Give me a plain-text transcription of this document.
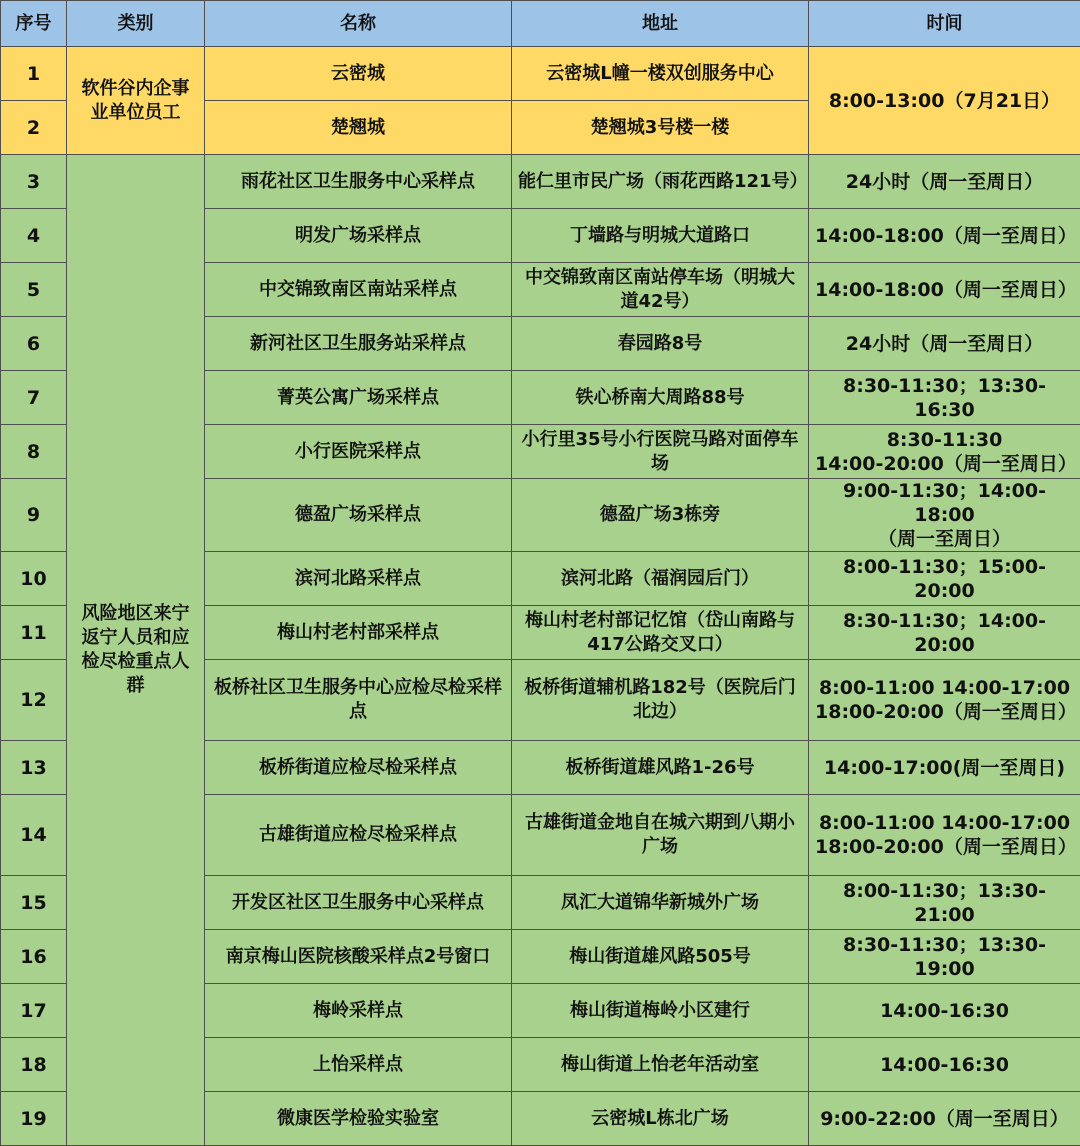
序号	类别	名称	地址	时间
1	软件谷内企事业单位员工	云密城	云密城L幢一楼双创服务中心	8:00-13:00（7月21日）
2		楚翘城	楚翘城3号楼一楼	
3	风险地区来宁返宁人员和应检尽检重点人群	雨花社区卫生服务中心采样点	能仁里市民广场（雨花西路121号）	24小时（周一至周日）
4		明发广场采样点	丁墙路与明城大道路口	14:00-18:00（周一至周日）
5		中交锦致南区南站采样点	中交锦致南区南站停车场（明城大道42号）	14:00-18:00（周一至周日）
6		新河社区卫生服务站采样点	春园路8号	24小时（周一至周日）
7		菁英公寓广场采样点	铁心桥南大周路88号	8:30-11:30；13:30-16:30
8		小行医院采样点	小行里35号小行医院马路对面停车场	8:30-11:30
14:00-20:00（周一至周日）

9		德盈广场采样点	德盈广场3栋旁	9:00-11:30；14:00-18:00
（周一至周日）

10		滨河北路采样点	滨河北路（福润园后门）	8:00-11:30；15:00-20:00
11		梅山村老村部采样点	梅山村老村部记忆馆（岱山南路与417公路交叉口）	8:30-11:30；14:00-20:00
12		板桥社区卫生服务中心应检尽检采样点	板桥街道辅机路182号（医院后门北边）	8:00-11:00 14:00-17:00
18:00-20:00（周一至周日）

13		板桥街道应检尽检采样点	板桥街道雄风路1-26号	14:00-17:00(周一至周日)
14		古雄街道应检尽检采样点	古雄街道金地自在城六期到八期小广场	8:00-11:00 14:00-17:00
18:00-20:00（周一至周日）

15		开发区社区卫生服务中心采样点	凤汇大道锦华新城外广场	8:00-11:30；13:30-21:00
16		南京梅山医院核酸采样点2号窗口	梅山街道雄风路505号	8:30-11:30；13:30-19:00
17		梅岭采样点	梅山街道梅岭小区建行	14:00-16:30
18		上怡采样点	梅山街道上怡老年活动室	14:00-16:30
19		微康医学检验实验室	云密城L栋北广场	9:00-22:00（周一至周日）
